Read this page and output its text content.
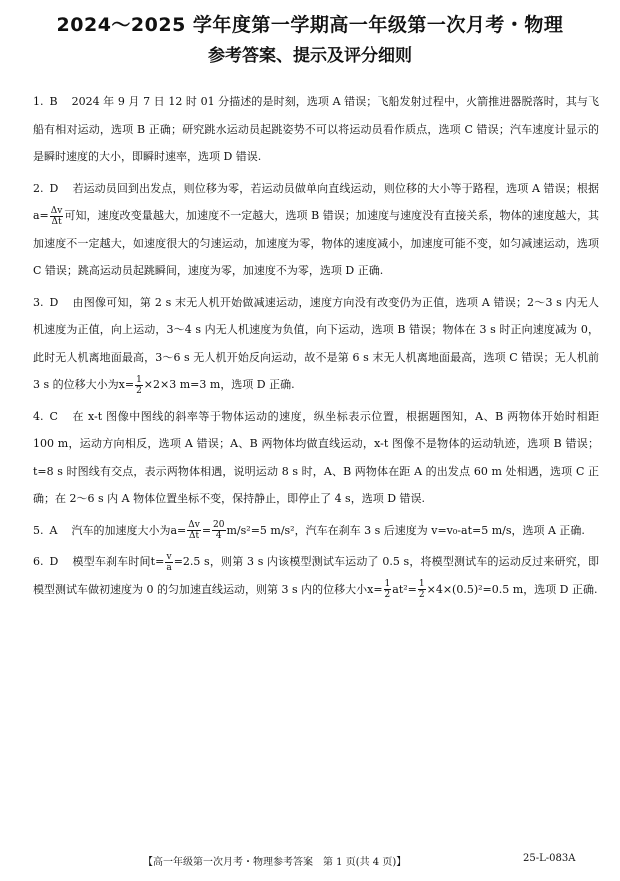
2024～2025 学年度第一学期高一年级第一次月考・物理
参考答案、提示及评分细则
1. B 2024 年 9 月 7 日 12 时 01 分描述的是时刻，选项 A 错误；飞船发射过程中，火箭推进器脱落时，其与飞船有相对运动，选项 B 正确；研究跳水运动员起跳姿势不可以将运动员看作质点，选项 C 错误；汽车速度计显示的是瞬时速度的大小，即瞬时速率，选项 D 错误.
2. D 若运动员回到出发点，则位移为零，若运动员做单向直线运动，则位移的大小等于路程，选项 A 错误；根据$a= \frac{\Delta v}{\Delta t}$ 可知，速度改变量越大，加速度不一定越大，选项 B 错误；加速度与速度没有直接关系，物体的速度越大，其加速度不一定越大，如速度很大的匀速运动，加速度为零，物体的速度减小，加速度可能不变，如匀减速运动，选项 C 错误；跳高运动员起跳瞬间，速度为零，加速度不为零，选项 D 正确.
3. D 由图像可知，第 2 s 末无人机开始做减速运动，速度方向没有改变仍为正值，选项 A 错误；2～3 s 内无人机速度为正值，向上运动，3～4 s 内无人机速度为负值，向下运动，选项 B 错误；物体在 3 s 时正向速度减为 0，此时无人机离地面最高，3～6 s 无人机开始反向运动，故不是第 6 s 末无人机离地面最高，选项 C 错误；无人机前 3 s 的位移大小为$x= \frac{1}{2} \times 2\times 3$ m=3 m，选项 D 正确.
4. C 在 x-t 图像中图线的斜率等于物体运动的速度，纵坐标表示位置，根据题图知，A、B 两物体开始时相距 100 m，运动方向相反，选项 A 错误；A、B 两物体均做直线运动，x-t 图像不是物体的运动轨迹，选项 B 错误；t=8 s 时图线有交点，表示两物体相遇，说明运动 8 s 时，A、B 两物体在距 A 的出发点 60 m 处相遇，选项 C 正确；在 2～6 s 内 A 物体位置坐标不变，保持静止，即停止了 4 s，选项 D 错误.
5. A 汽车的加速度大小为$a= \frac{\Delta v}{\Delta t} = \frac{20}{4} m/s^2=5$ m/s²，汽车在刹车 3 s 后速度为 v=v₀-at=5 m/s，选项 A 正确.
6. D 模型车刹车时间$t= \frac{v}{a} =2.5$ s，则第 3 s 内该模型测试车运动了 0.5 s，将模型测试车的运动反过来研究，即模型测试车做初速度为 0 的匀加速直线运动，则第 3 s 内的位移大小$x= \frac{1}{2} at^2= \frac{1}{2} \times 4\times(0.5)^2=0.5$ m，选项 D 正确.
【高一年级第一次月考・物理参考答案　第 1 页(共 4 页)】	25-L-083A
